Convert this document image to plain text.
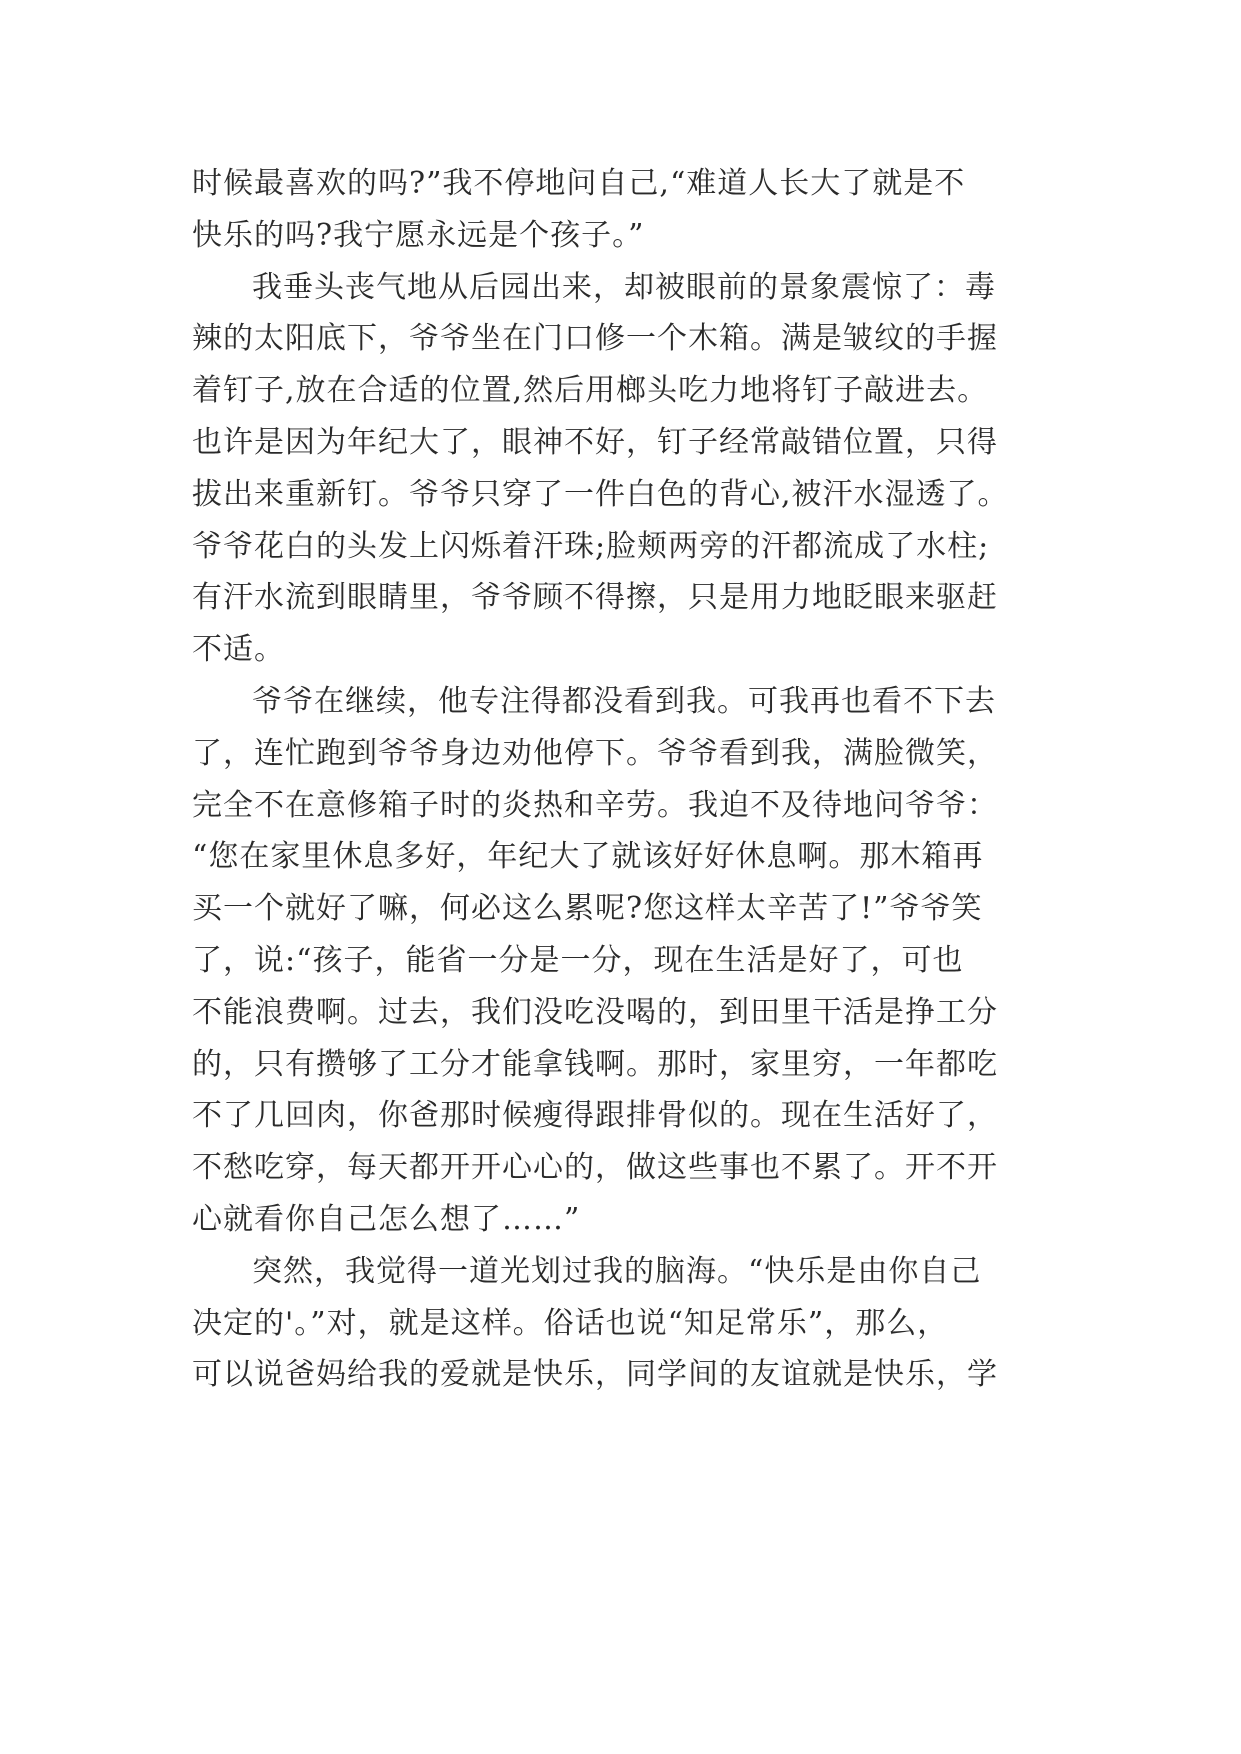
时候最喜欢的吗?”我不停地问自己,“难道人长大了就是不
快乐的吗?我宁愿永远是个孩子。”
我垂头丧气地从后园出来，却被眼前的景象震惊了：毒
辣的太阳底下，爷爷坐在门口修一个木箱。满是皱纹的手握
着钉子,放在合适的位置,然后用榔头吃力地将钉子敲进去。
也许是因为年纪大了，眼神不好，钉子经常敲错位置，只得
拔出来重新钉。爷爷只穿了一件白色的背心,被汗水湿透了。
爷爷花白的头发上闪烁着汗珠;脸颊两旁的汗都流成了水柱;
有汗水流到眼睛里，爷爷顾不得擦，只是用力地眨眼来驱赶
不适。
爷爷在继续，他专注得都没看到我。可我再也看不下去
了，连忙跑到爷爷身边劝他停下。爷爷看到我，满脸微笑，
完全不在意修箱子时的炎热和辛劳。我迫不及待地问爷爷：
“您在家里休息多好，年纪大了就该好好休息啊。那木箱再
买一个就好了嘛，何必这么累呢?您这样太辛苦了!”爷爷笑
了，说:“孩子，能省一分是一分，现在生活是好了，可也
不能浪费啊。过去，我们没吃没喝的，到田里干活是挣工分
的，只有攒够了工分才能拿钱啊。那时，家里穷，一年都吃
不了几回肉，你爸那时候瘦得跟排骨似的。现在生活好了，
不愁吃穿，每天都开开心心的，做这些事也不累了。开不开
心就看你自己怎么想了……”
突然，我觉得一道光划过我的脑海。“快乐是由你自己
决定的'。”对，就是这样。俗话也说“知足常乐”，那么，
可以说爸妈给我的爱就是快乐，同学间的友谊就是快乐，学
